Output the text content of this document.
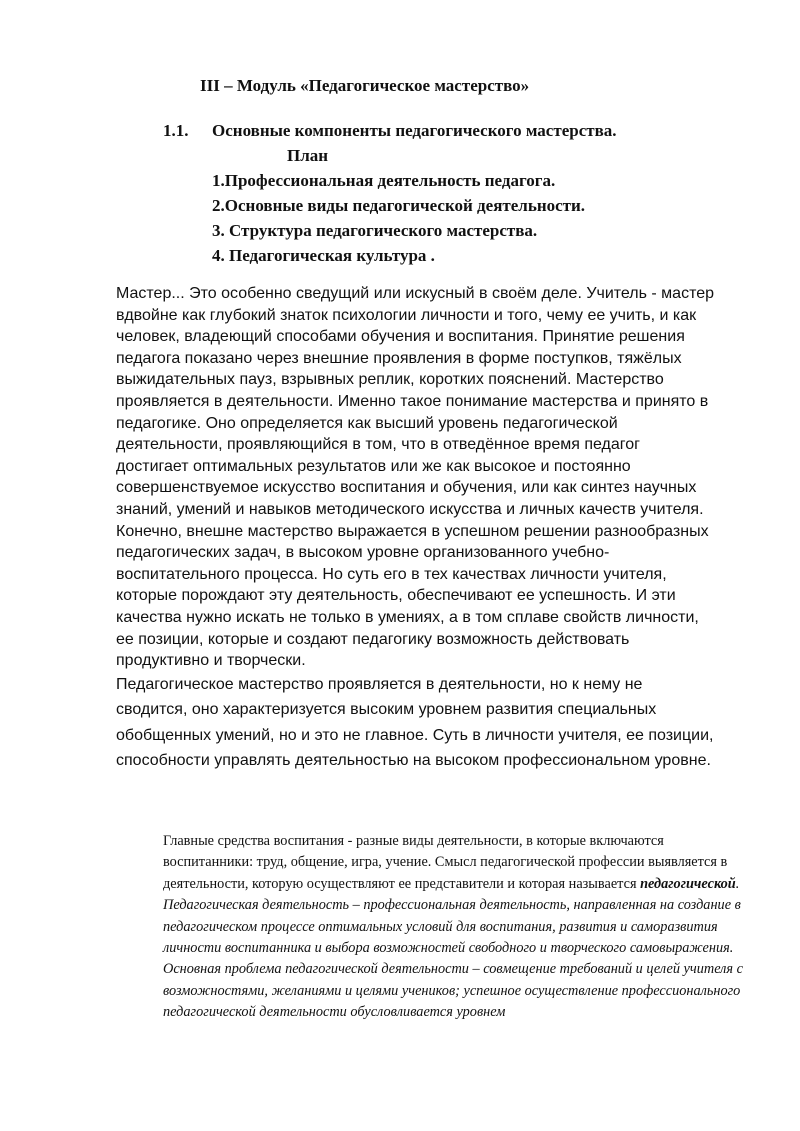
III – Модуль «Педагогическое мастерство»
1.1. Основные компоненты педагогического мастерства.
План
1.Профессиональная деятельность педагога.
2.Основные виды педагогической деятельности.
3. Структура педагогического мастерства.
4. Педагогическая культура .

Мастер... Это особенно сведущий или искусный в своём деле. Учитель - мастер вдвойне как глубокий знаток психологии личности и того, чему ее учить, и как человек, владеющий способами обучения и воспитания. Принятие решения педагога показано через внешние проявления в форме поступков, тяжёлых выжидательных пауз, взрывных реплик, коротких пояснений. Мастерство проявляется в деятельности. Именно такое понимание мастерства и принято в педагогике. Оно определяется как высший уровень педагогической деятельности, проявляющийся в том, что в отведённое время педагог достигает оптимальных результатов или же как высокое и постоянно совершенствуемое искусство воспитания и обучения, или как синтез научных знаний, умений и навыков методического искусства и личных качеств учителя.

Конечно, внешне мастерство выражается в успешном решении разнообразных педагогических задач, в высоком уровне организованного учебно-воспитательного процесса. Но суть его в тех качествах личности учителя, которые порождают эту деятельность, обеспечивают ее успешность. И эти качества нужно искать не только в умениях, а в том сплаве свойств личности, ее позиции, которые и создают педагогику возможность действовать продуктивно и творчески.

Педагогическое мастерство проявляется в деятельности, но к нему не сводится, оно характеризуется высоким уровнем развития специальных обобщенных умений, но и это не главное. Суть в личности учителя, ее позиции, способности управлять деятельностью на высоком профессиональном уровне.

Главные средства воспитания - разные виды деятельности, в которые включаются воспитанники: труд, общение, игра, учение. Смысл педагогической профессии выявляется в деятельности, которую осуществляют ее представители и которая называется педагогической. Педагогическая деятельность – профессиональная деятельность, направленная на создание в педагогическом процессе оптимальных условий для воспитания, развития и саморазвития личности воспитанника и выбора возможностей свободного и творческого самовыражения. Основная проблема педагогической деятельности – совмещение требований и целей учителя с возможностями, желаниями и целями учеников; успешное осуществление профессионального педагогической деятельности обусловливается уровнем
